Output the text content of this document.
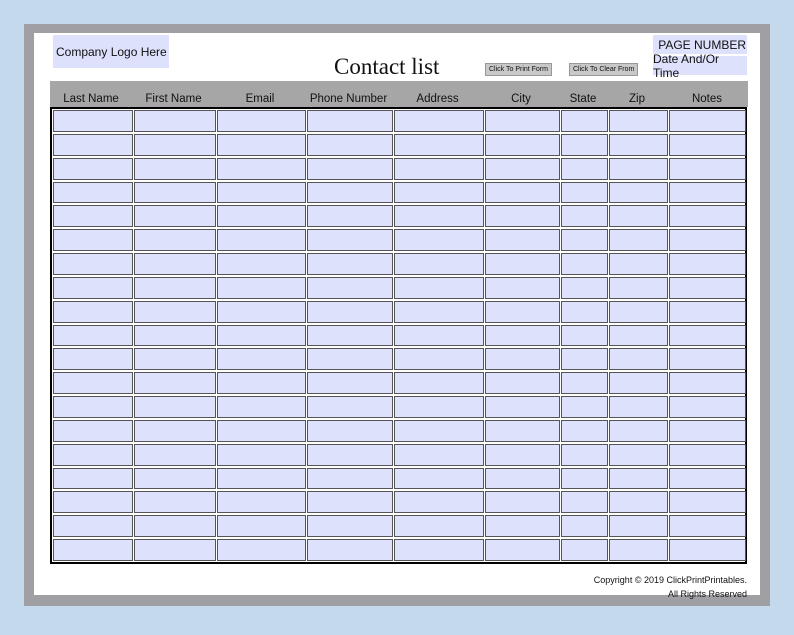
Company Logo Here
Contact list	Click To Print Form	Click To Clear From
PAGE NUMBER
Date And/Or Time
Last Name	First Name	Email	Phone Number	Address	City	State	Zip	Notes
Copyright © 2019 ClickPrintPrintables.
All Rights Reserved
